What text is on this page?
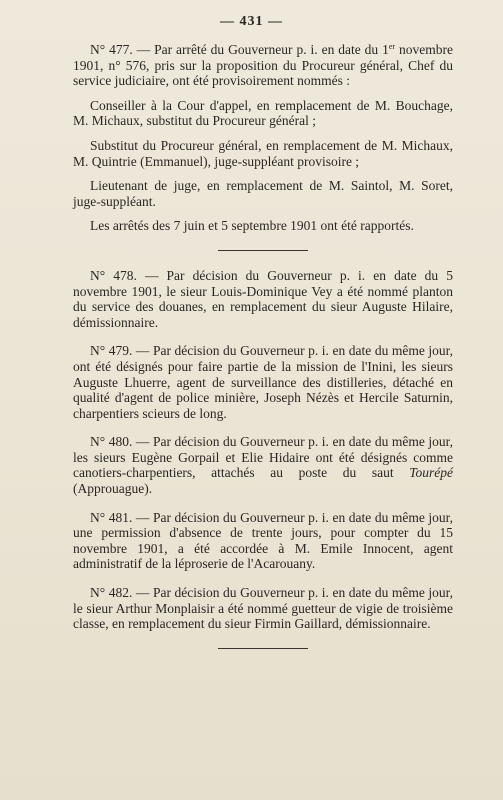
— 431 —

N° 477. — Par arrêté du Gouverneur p. i. en date du 1er novembre 1901, n° 576, pris sur la proposition du Procureur général, Chef du service judiciaire, ont été provisoirement nommés :

Conseiller à la Cour d'appel, en remplacement de M. Bouchage, M. Michaux, substitut du Procureur général ;

Substitut du Procureur général, en remplacement de M. Michaux, M. Quintrie (Emmanuel), juge-suppléant provisoire ;

Lieutenant de juge, en remplacement de M. Saintol, M. Soret, juge-suppléant.

Les arrêtés des 7 juin et 5 septembre 1901 ont été rapportés.

N° 478. — Par décision du Gouverneur p. i. en date du 5 novembre 1901, le sieur Louis-Dominique Vey a été nommé planton du service des douanes, en remplacement du sieur Auguste Hilaire, démissionnaire.

N° 479. — Par décision du Gouverneur p. i. en date du même jour, ont été désignés pour faire partie de la mission de l'Inini, les sieurs Auguste Lhuerre, agent de surveillance des distilleries, détaché en qualité d'agent de police minière, Joseph Nézès et Hercile Saturnin, charpentiers scieurs de long.

N° 480. — Par décision du Gouverneur p. i. en date du même jour, les sieurs Eugène Gorpail et Elie Hidaire ont été désignés comme canotiers-charpentiers, attachés au poste du saut Tourépé (Approuague).

N° 481. — Par décision du Gouverneur p. i. en date du même jour, une permission d'absence de trente jours, pour compter du 15 novembre 1901, a été accordée à M. Emile Innocent, agent administratif de la léproserie de l'Acarouany.

N° 482. — Par décision du Gouverneur p. i. en date du même jour, le sieur Arthur Monplaisir a été nommé guetteur de vigie de troisième classe, en remplacement du sieur Firmin Gaillard, démissionnaire.
